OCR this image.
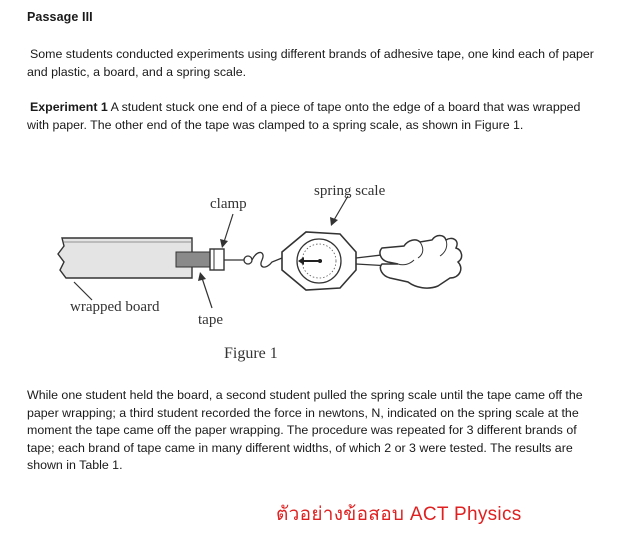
Passage III
Some students conducted experiments using different brands of adhesive tape, one kind each of paper and plastic, a board, and a spring scale.
Experiment 1 A student stuck one end of a piece of tape onto the edge of a board that was wrapped with paper. The other end of the tape was clamped to a spring scale, as shown in Figure 1.
clamp
spring scale
wrapped board
tape
Figure 1
While one student held the board, a second student pulled the spring scale until the tape came off the paper wrapping; a third student recorded the force in newtons, N, indicated on the spring scale at the moment the tape came off the paper wrapping. The procedure was repeated for 3 different brands of tape; each brand of tape came in many different widths, of which 2 or 3 were tested. The results are shown in Table 1.
ตัวอย่างข้อสอบ ACT Physics
